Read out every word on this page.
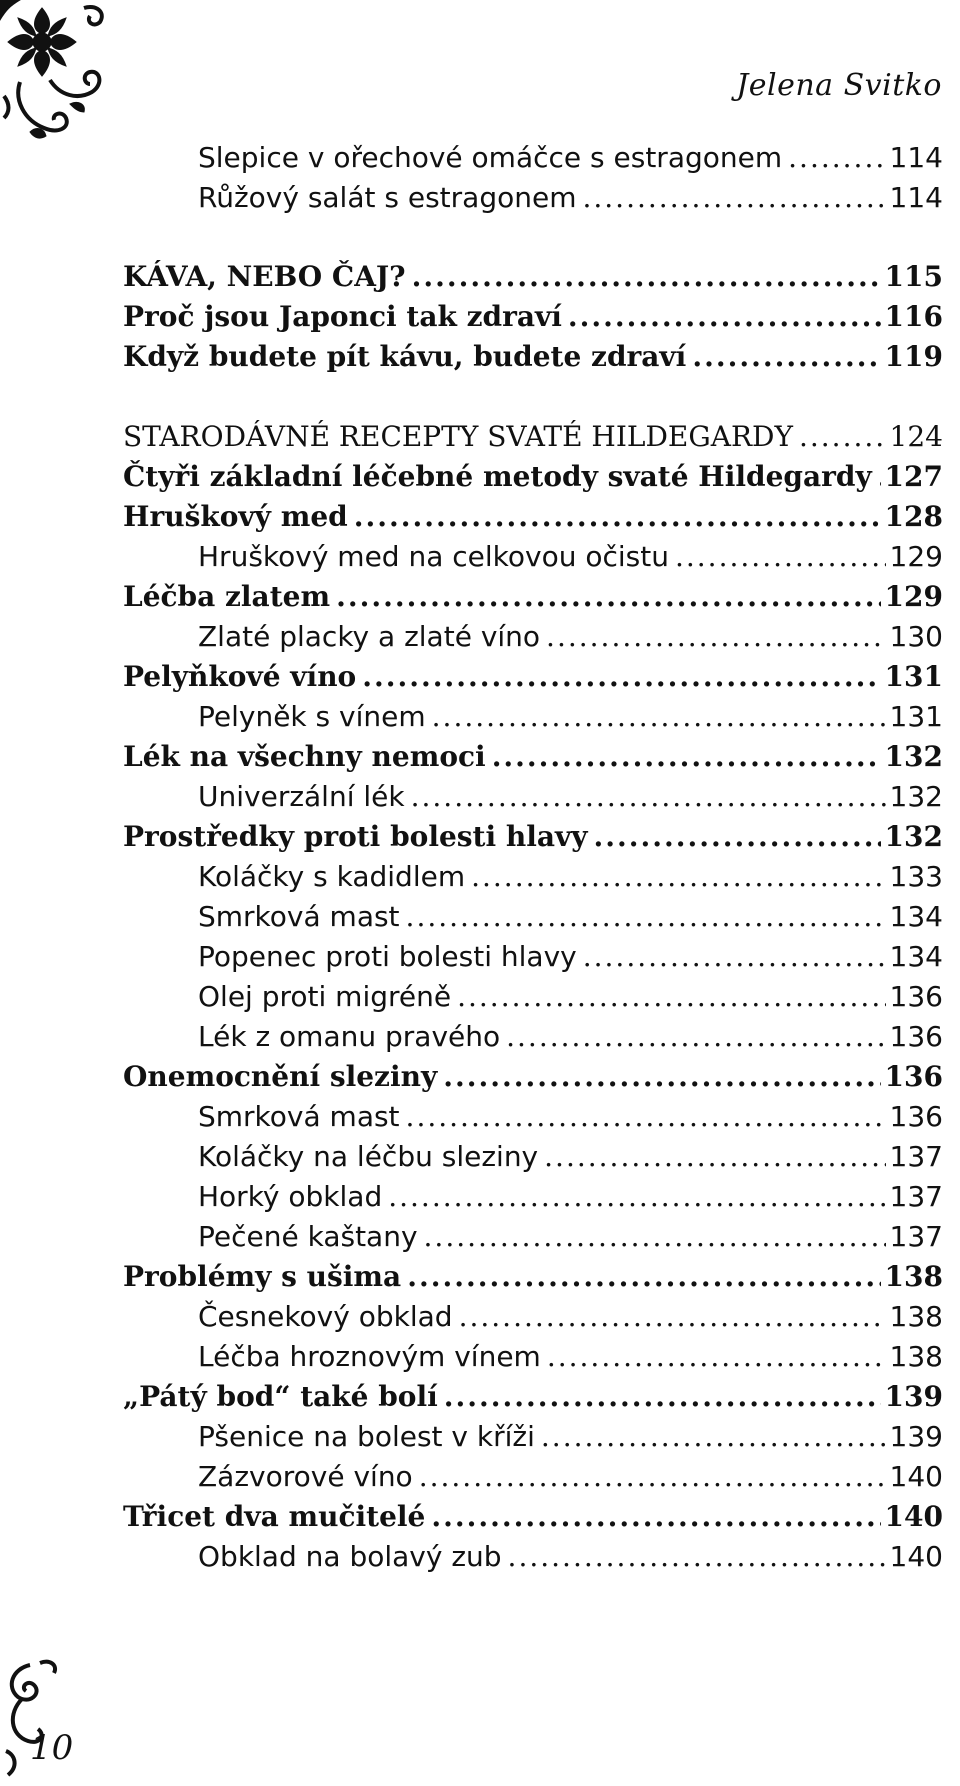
Jelena Svitko
Slepice v ořechové omáčce s estragonem .....	114
Růžový salát s estragonem .....	114
KÁVA, NEBO ČAJ? .....	115
Proč jsou Japonci tak zdraví .....	116
Když budete pít kávu, budete zdraví .....	119
STARODÁVNÉ RECEPTY SVATÉ HILDEGARDY .....	124
Čtyři základní léčebné metody svaté Hildegardy ..... 127
Hruškový med .....	128
Hruškový med na celkovou očistu .....	129
Léčba zlatem .....	129
Zlaté placky a zlaté víno .....	130
Pelyňkové víno .....	131
Pelyněk s vínem .....	131
Lék na všechny nemoci .....	132
Univerzální lék .....	132
Prostředky proti bolesti hlavy .....	132
Koláčky s kadidlem .....	133
Smrková mast .....	134
Popenec proti bolesti hlavy .....	134
Olej proti migréně .....	136
Lék z omanu pravého .....	136
Onemocnění sleziny .....	136
Smrková mast .....	136
Koláčky na léčbu sleziny .....	137
Horký obklad .....	137
Pečené kaštany .....	137
Problémy s ušima .....	138
Česnekový obklad .....	138
Léčba hroznovým vínem .....	138
„Pátý bod“ také bolí .....	139
Pšenice na bolest v kříži .....	139
Zázvorové víno .....	140
Třicet dva mučitelé .....	140
Obklad na bolavý zub .....	140
10
